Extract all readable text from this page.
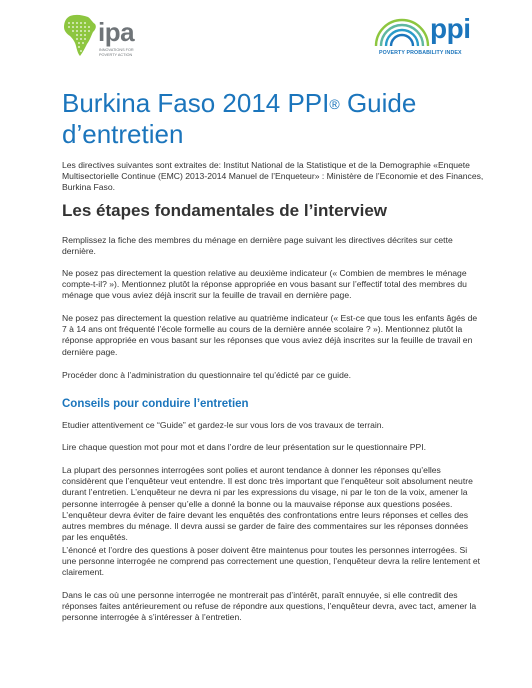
ipa
INNOVATIONS FOR POVERTY ACTION
ppi
POVERTY PROBABILITY INDEX
Burkina Faso 2014 PPI® Guide d’entretien

Les directives suivantes sont extraites de: Institut National de la Statistique et de la Demographie «Enquete Multisectorielle Continue (EMC) 2013-2014 Manuel de l’Enqueteur» : Ministère de l’Economie et des Finances, Burkina Faso.

Les étapes fondamentales de l’interview

Remplissez la fiche des membres du ménage en dernière page suivant les directives décrites sur cette dernière.

Ne posez pas directement la question relative au deuxième indicateur (« Combien de membres le ménage compte-t-il? »). Mentionnez plutôt la réponse appropriée en vous basant sur l’effectif total des membres du ménage que vous aviez déjà inscrit sur la feuille de travail en dernière page.

Ne posez pas directement la question relative au quatrième indicateur (« Est-ce que tous les enfants âgés de 7 à 14 ans ont fréquenté l’école formelle au cours de la dernière année scolaire ? »). Mentionnez plutôt la réponse appropriée en vous basant sur les réponses que vous aviez déjà inscrites sur la feuille de travail en dernière page.

Procéder donc à l’administration du questionnaire tel qu’édicté par ce guide.

Conseils pour conduire l’entretien

Etudier attentivement ce “Guide” et gardez-le sur vous lors de vos travaux de terrain.

Lire chaque question mot pour mot et dans l’ordre de leur présentation sur le questionnaire PPI.

La plupart des personnes interrogées sont polies et auront tendance à donner les réponses qu’elles considèrent que l’enquêteur veut entendre. Il est donc très important que l’enquêteur soit absolument neutre durant l’entretien. L’enquêteur ne devra ni par les expressions du visage, ni par le ton de la voix, amener la personne interrogée à penser qu’elle a donné la bonne ou la mauvaise réponse aux questions posées. L’enquêteur devra éviter de faire devant les enquêtés des confrontations entre leurs réponses et celles des autres membres du ménage. Il devra aussi se garder de faire des commentaires sur les réponses données par les enquêtés.

L’énoncé et l’ordre des questions à poser doivent être maintenus pour toutes les personnes interrogées. Si une personne interrogée ne comprend pas correctement une question, l’enquêteur devra la relire lentement et clairement.

Dans le cas où une personne interrogée ne montrerait pas d’intérêt, paraît ennuyée, si elle contredit des réponses faites antérieurement ou refuse de répondre aux questions, l’enquêteur devra, avec tact, amener la personne interrogée à s’intéresser à l’entretien.
